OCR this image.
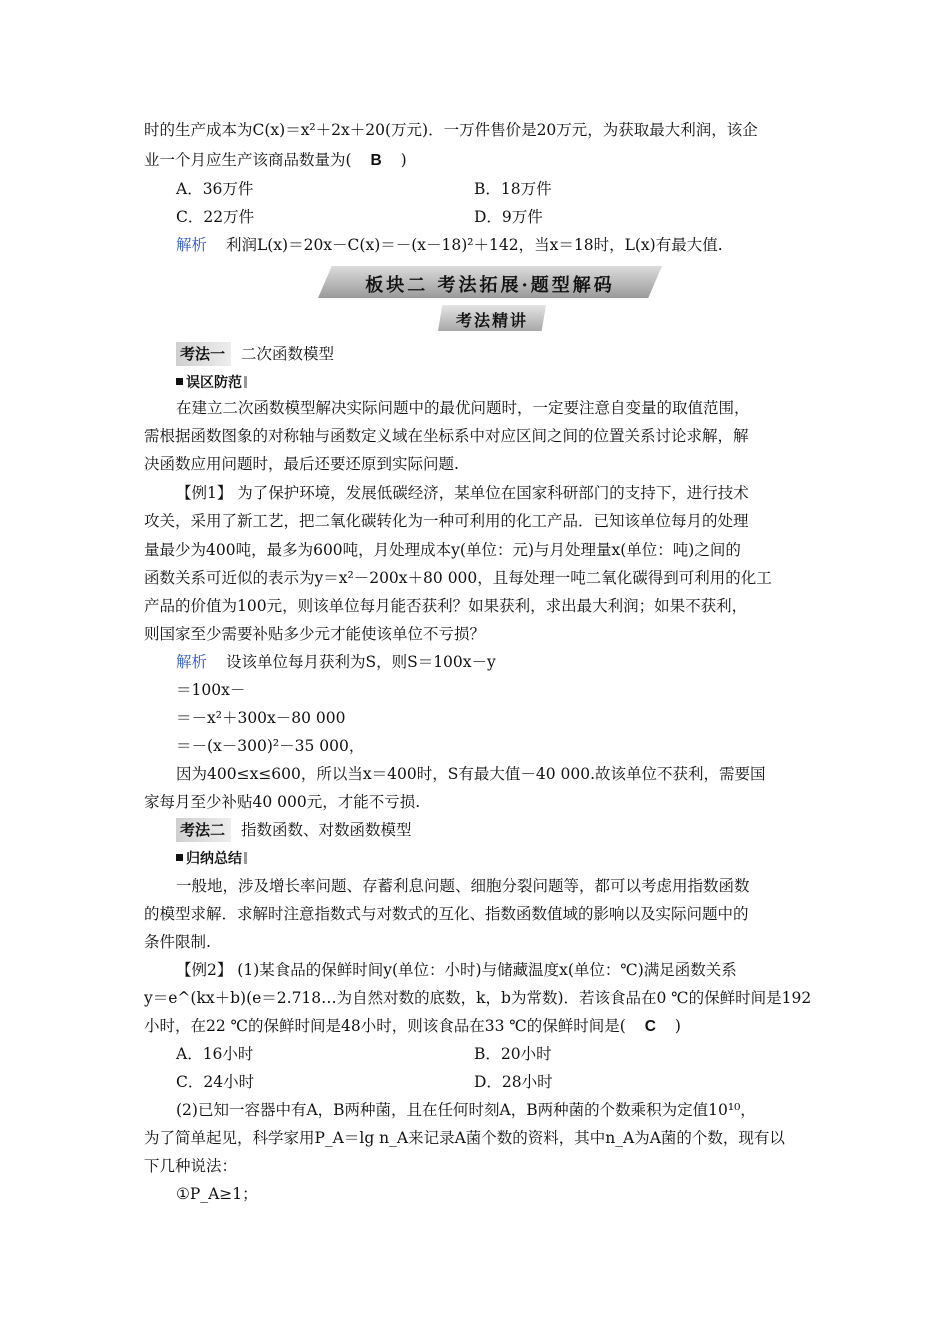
时的生产成本为C(x)＝x²＋2x＋20(万元)．一万件售价是20万元，为获取最大利润，该企
业一个月应生产该商品数量为( B )
A．36万件	B．18万件
C．22万件	D．9万件
解析 利润L(x)＝20x－C(x)＝－(x－18)²＋142，当x＝18时，L(x)有最大值.
板块二 考法拓展·题型解码
考法精讲
考法一 二次函数模型
误区防范
在建立二次函数模型解决实际问题中的最优问题时，一定要注意自变量的取值范围，
需根据函数图象的对称轴与函数定义域在坐标系中对应区间之间的位置关系讨论求解，解
决函数应用问题时，最后还要还原到实际问题.
【例1】 为了保护环境，发展低碳经济，某单位在国家科研部门的支持下，进行技术
攻关，采用了新工艺，把二氧化碳转化为一种可利用的化工产品．已知该单位每月的处理
量最少为400吨，最多为600吨，月处理成本y(单位：元)与月处理量x(单位：吨)之间的
函数关系可近似的表示为y＝x²－200x＋80 000，且每处理一吨二氧化碳得到可利用的化工
产品的价值为100元，则该单位每月能否获利？如果获利，求出最大利润；如果不获利，
则国家至少需要补贴多少元才能使该单位不亏损？
解析 设该单位每月获利为S，则S＝100x－y
＝100x－
＝－x²＋300x－80 000
＝－(x－300)²－35 000，
因为400≤x≤600，所以当x＝400时，S有最大值－40 000.故该单位不获利，需要国
家每月至少补贴40 000元，才能不亏损.
考法二 指数函数、对数函数模型
归纳总结
一般地，涉及增长率问题、存蓄利息问题、细胞分裂问题等，都可以考虑用指数函数
的模型求解．求解时注意指数式与对数式的互化、指数函数值域的影响以及实际问题中的
条件限制.
【例2】 (1)某食品的保鲜时间y(单位：小时)与储藏温度x(单位：℃)满足函数关系
y＝e^(kx＋b)(e＝2.718…为自然对数的底数，k，b为常数)．若该食品在0 ℃的保鲜时间是192
小时，在22 ℃的保鲜时间是48小时，则该食品在33 ℃的保鲜时间是( C )
A．16小时	B．20小时
C．24小时	D．28小时
(2)已知一容器中有A，B两种菌，且在任何时刻A，B两种菌的个数乘积为定值10¹⁰，
为了简单起见，科学家用P_A＝lg n_A来记录A菌个数的资料，其中n_A为A菌的个数，现有以
下几种说法：
①P_A≥1；
